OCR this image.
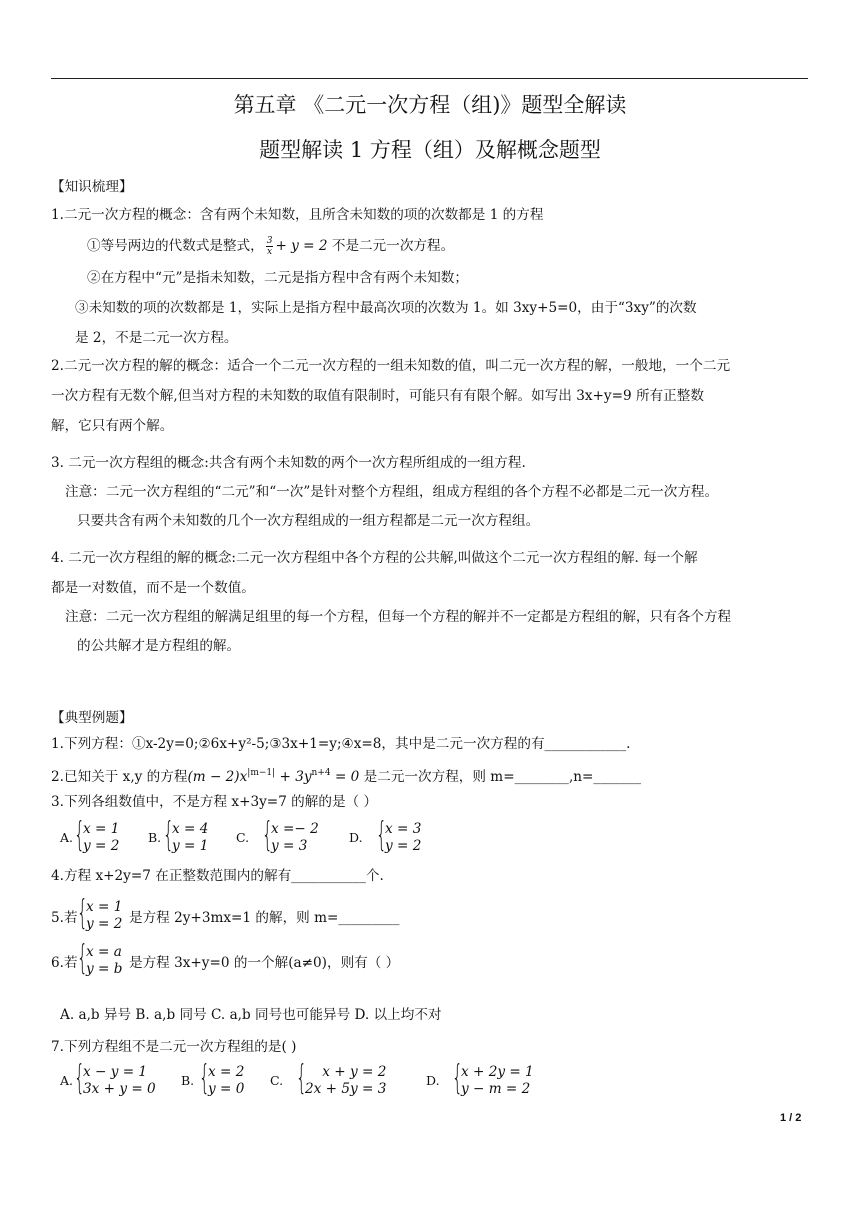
第五章 《二元一次方程（组)》题型全解读
题型解读 1 方程（组）及解概念题型
【知识梳理】
1.二元一次方程的概念：含有两个未知数，且所含未知数的项的次数都是 1 的方程
①等号两边的代数式是整式， $\frac{3}{x} + y = 2$ 不是二元一次方程。
②在方程中“元”是指未知数，二元是指方程中含有两个未知数；
③未知数的项的次数都是 1，实际上是指方程中最高次项的次数为 1。如 3xy+5=0，由于“3xy”的次数
是 2，不是二元一次方程。
2.二元一次方程的解的概念：适合一个二元一次方程的一组未知数的值，叫二元一次方程的解，一般地，一个二元
一次方程有无数个解,但当对方程的未知数的取值有限制时，可能只有有限个解。如写出 3x+y=9 所有正整数
解，它只有两个解。
3. 二元一次方程组的概念:共含有两个未知数的两个一次方程所组成的一组方程.
注意：二元一次方程组的“二元”和“一次”是针对整个方程组，组成方程组的各个方程不必都是二元一次方程。
只要共含有两个未知数的几个一次方程组成的一组方程都是二元一次方程组。
4. 二元一次方程组的解的概念:二元一次方程组中各个方程的公共解,叫做这个二元一次方程组的解. 每一个解
都是一对数值，而不是一个数值。
注意：二元一次方程组的解满足组里的每一个方程，但每一个方程的解并不一定都是方程组的解，只有各个方程
的公共解才是方程组的解。
【典型例题】
1.下列方程：①x-2y=0;②6x+y²-5;③3x+1=y;④x=8，其中是二元一次方程的有____________.
2.已知关于 x,y 的方程$(m - 2)x^{|m-1|} + 3y^{n+4} = 0$ 是二元一次方程，则 m=________,n=_______
3.下列各组数值中，不是方程 x+3y=7 的解的是（ ）
A. {
x = 1
y = 2
B. {
x = 4
y = 1
C. {
x =− 2
y = 3
D. {
x = 3
y = 2
4.方程 x+2y=7 在正整数范围内的解有___________个.
5.若 {
x = 1
y = 2 是方程 2y+3mx=1 的解，则 m=_________
6.若 {
x = a
y = b 是方程 3x+y=0 的一个解(a≠0)，则有（ ）
A. a,b 异号 B. a,b 同号 C. a,b 同号也可能异号 D. 以上均不对
7.下列方程组不是二元一次方程组的是( )
A. {
x − y = 1
3x + y = 0
B. {
x = 2
y = 0
C. {
x + y = 2
2x + 5y = 3
D. {
x + 2y = 1
y − m = 2
1 / 2
